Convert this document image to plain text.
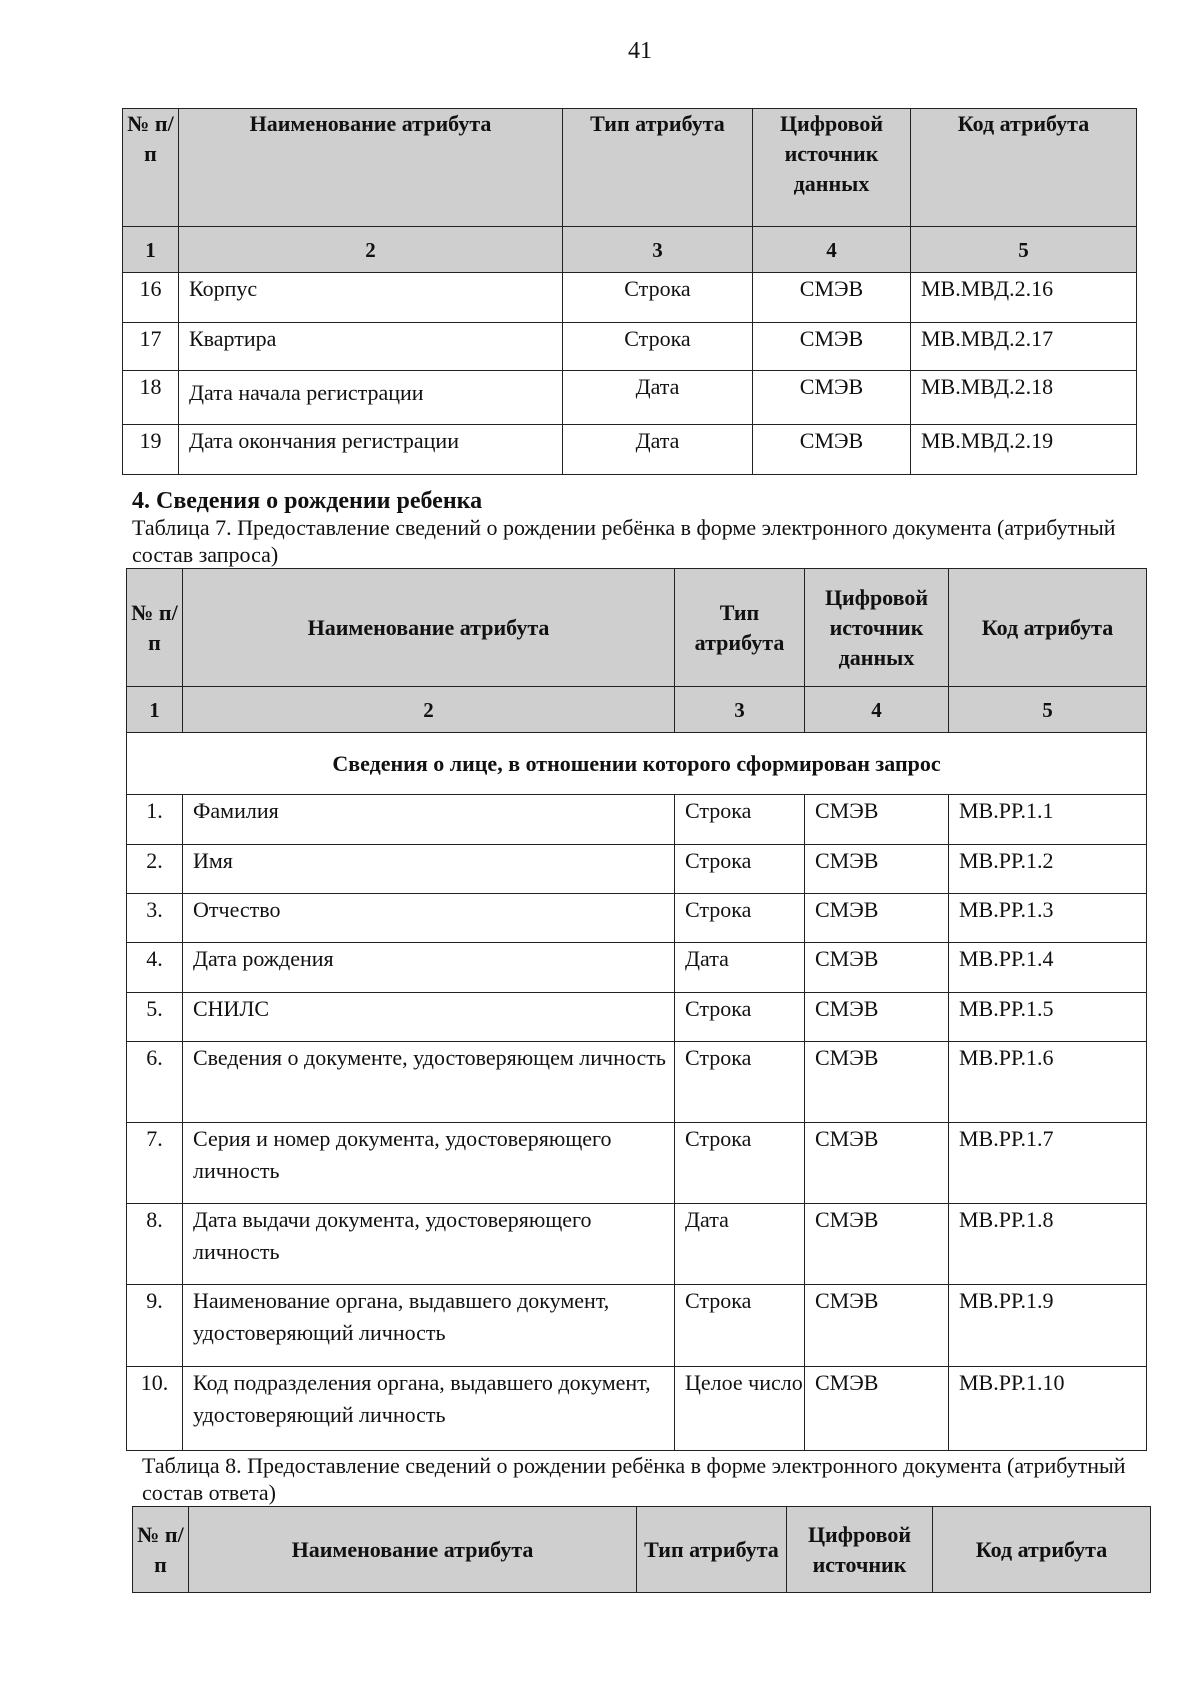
41
№ п/п	Наименование атрибута	Тип атрибута	Цифровой источник данных	Код атрибута
1	2	3	4	5
16	Корпус	Строка	СМЭВ	МВ.МВД.2.16
17	Квартира	Строка	СМЭВ	МВ.МВД.2.17
18	Дата начала регистрации	Дата	СМЭВ	МВ.МВД.2.18
19	Дата окончания регистрации	Дата	СМЭВ	МВ.МВД.2.19
4. Сведения о рождении ребенка
Таблица 7. Предоставление сведений о рождении ребёнка в форме электронного документа (атрибутный состав запроса)
№ п/п	Наименование атрибута	Тип атрибута	Цифровой источник данных	Код атрибута
1	2	3	4	5
Сведения о лице, в отношении которого сформирован запрос				
1.	Фамилия	Строка	СМЭВ	МВ.РР.1.1
2.	Имя	Строка	СМЭВ	МВ.РР.1.2
3.	Отчество	Строка	СМЭВ	МВ.РР.1.3
4.	Дата рождения	Дата	СМЭВ	МВ.РР.1.4
5.	СНИЛС	Строка	СМЭВ	МВ.РР.1.5
6.	Сведения о документе, удостоверяющем личность	Строка	СМЭВ	МВ.РР.1.6
7.	Серия и номер документа, удостоверяющего личность	Строка	СМЭВ	МВ.РР.1.7
8.	Дата выдачи документа, удостоверяющего личность	Дата	СМЭВ	МВ.РР.1.8
9.	Наименование органа, выдавшего документ, удостоверяющий личность	Строка	СМЭВ	МВ.РР.1.9
10.	Код подразделения органа, выдавшего документ, удостоверяющий личность	Целое число	СМЭВ	МВ.РР.1.10
Таблица 8. Предоставление сведений о рождении ребёнка в форме электронного документа (атрибутный состав ответа)
№ п/п	Наименование атрибута	Тип атрибута	Цифровой источник	Код атрибута
